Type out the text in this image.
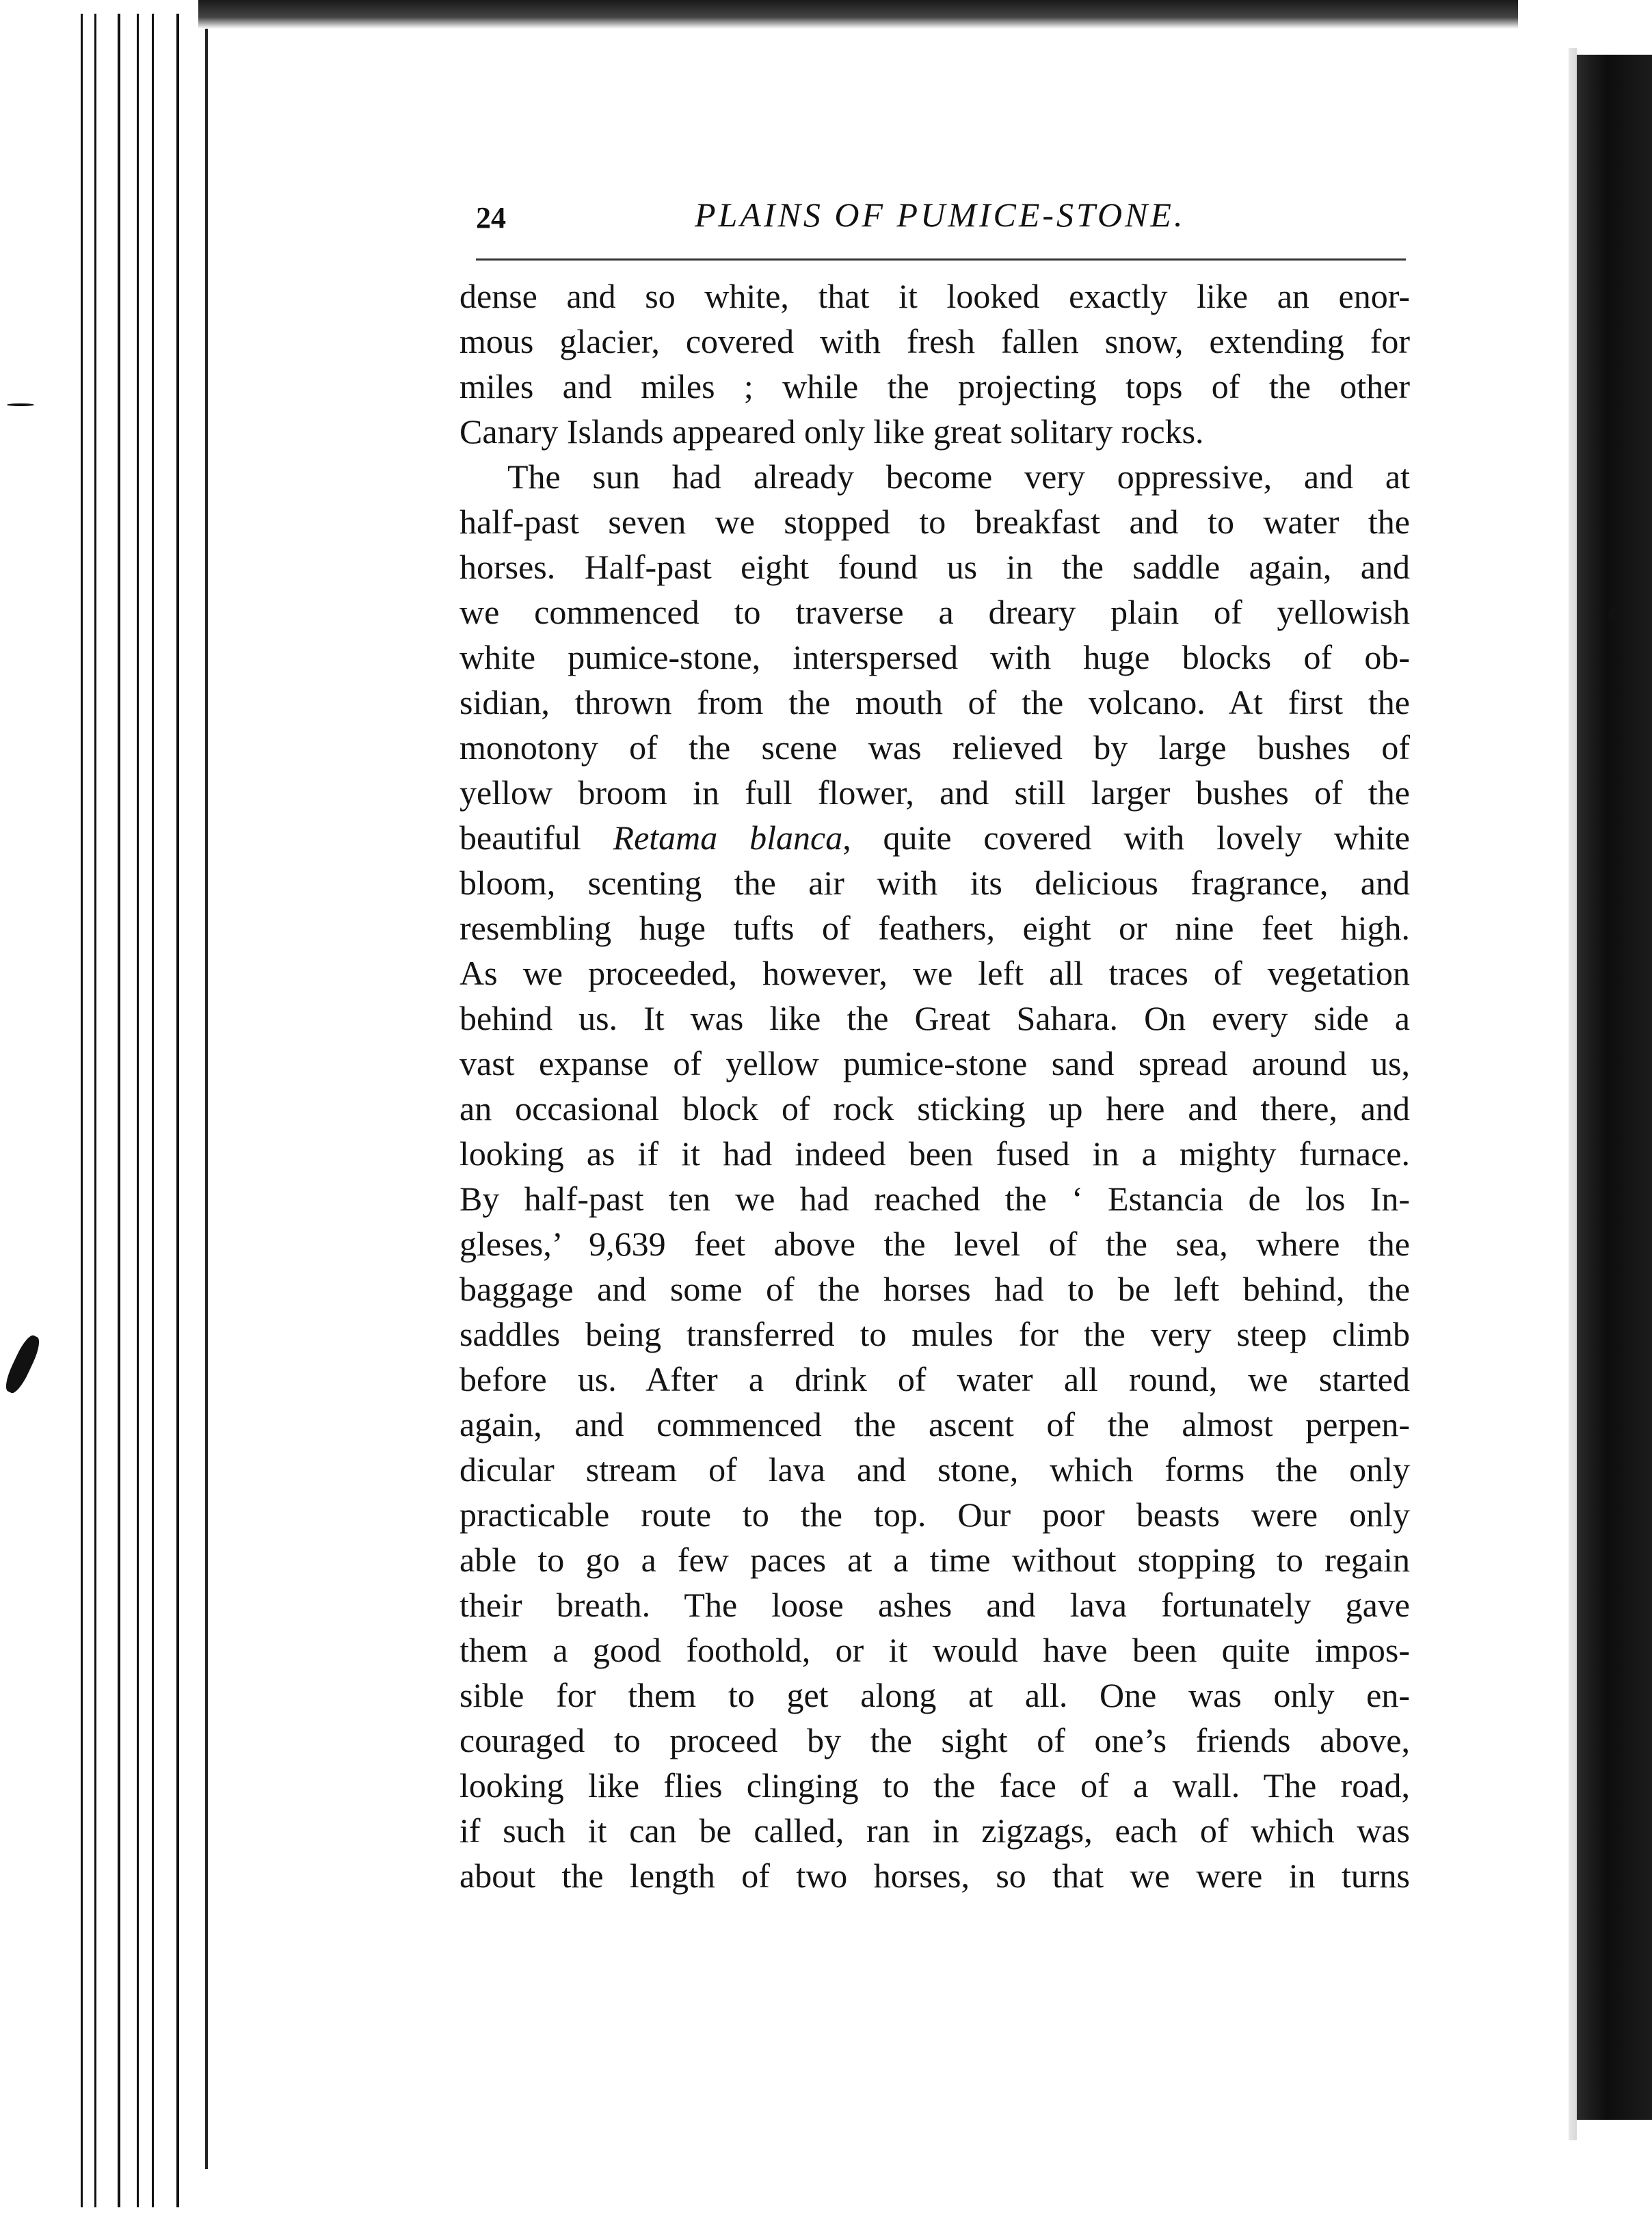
24	PLAINS OF PUMICE-STONE.
dense and so white, that it looked exactly like an enor-
mous glacier, covered with fresh fallen snow, extending for
miles and miles ; while the projecting tops of the other
Canary Islands appeared only like great solitary rocks.
The sun had already become very oppressive, and at
half-past seven we stopped to breakfast and to water the
horses. Half-past eight found us in the saddle again, and
we commenced to traverse a dreary plain of yellowish
white pumice-stone, interspersed with huge blocks of ob-
sidian, thrown from the mouth of the volcano. At first the
monotony of the scene was relieved by large bushes of
yellow broom in full flower, and still larger bushes of the
beautiful Retama blanca, quite covered with lovely white
bloom, scenting the air with its delicious fragrance, and
resembling huge tufts of feathers, eight or nine feet high.
As we proceeded, however, we left all traces of vegetation
behind us. It was like the Great Sahara. On every side a
vast expanse of yellow pumice-stone sand spread around us,
an occasional block of rock sticking up here and there, and
looking as if it had indeed been fused in a mighty furnace.
By half-past ten we had reached the ‘ Estancia de los In-
gleses,’ 9,639 feet above the level of the sea, where the
baggage and some of the horses had to be left behind, the
saddles being transferred to mules for the very steep climb
before us. After a drink of water all round, we started
again, and commenced the ascent of the almost perpen-
dicular stream of lava and stone, which forms the only
practicable route to the top. Our poor beasts were only
able to go a few paces at a time without stopping to regain
their breath. The loose ashes and lava fortunately gave
them a good foothold, or it would have been quite impos-
sible for them to get along at all. One was only en-
couraged to proceed by the sight of one’s friends above,
looking like flies clinging to the face of a wall. The road,
if such it can be called, ran in zigzags, each of which was
about the length of two horses, so that we were in turns
